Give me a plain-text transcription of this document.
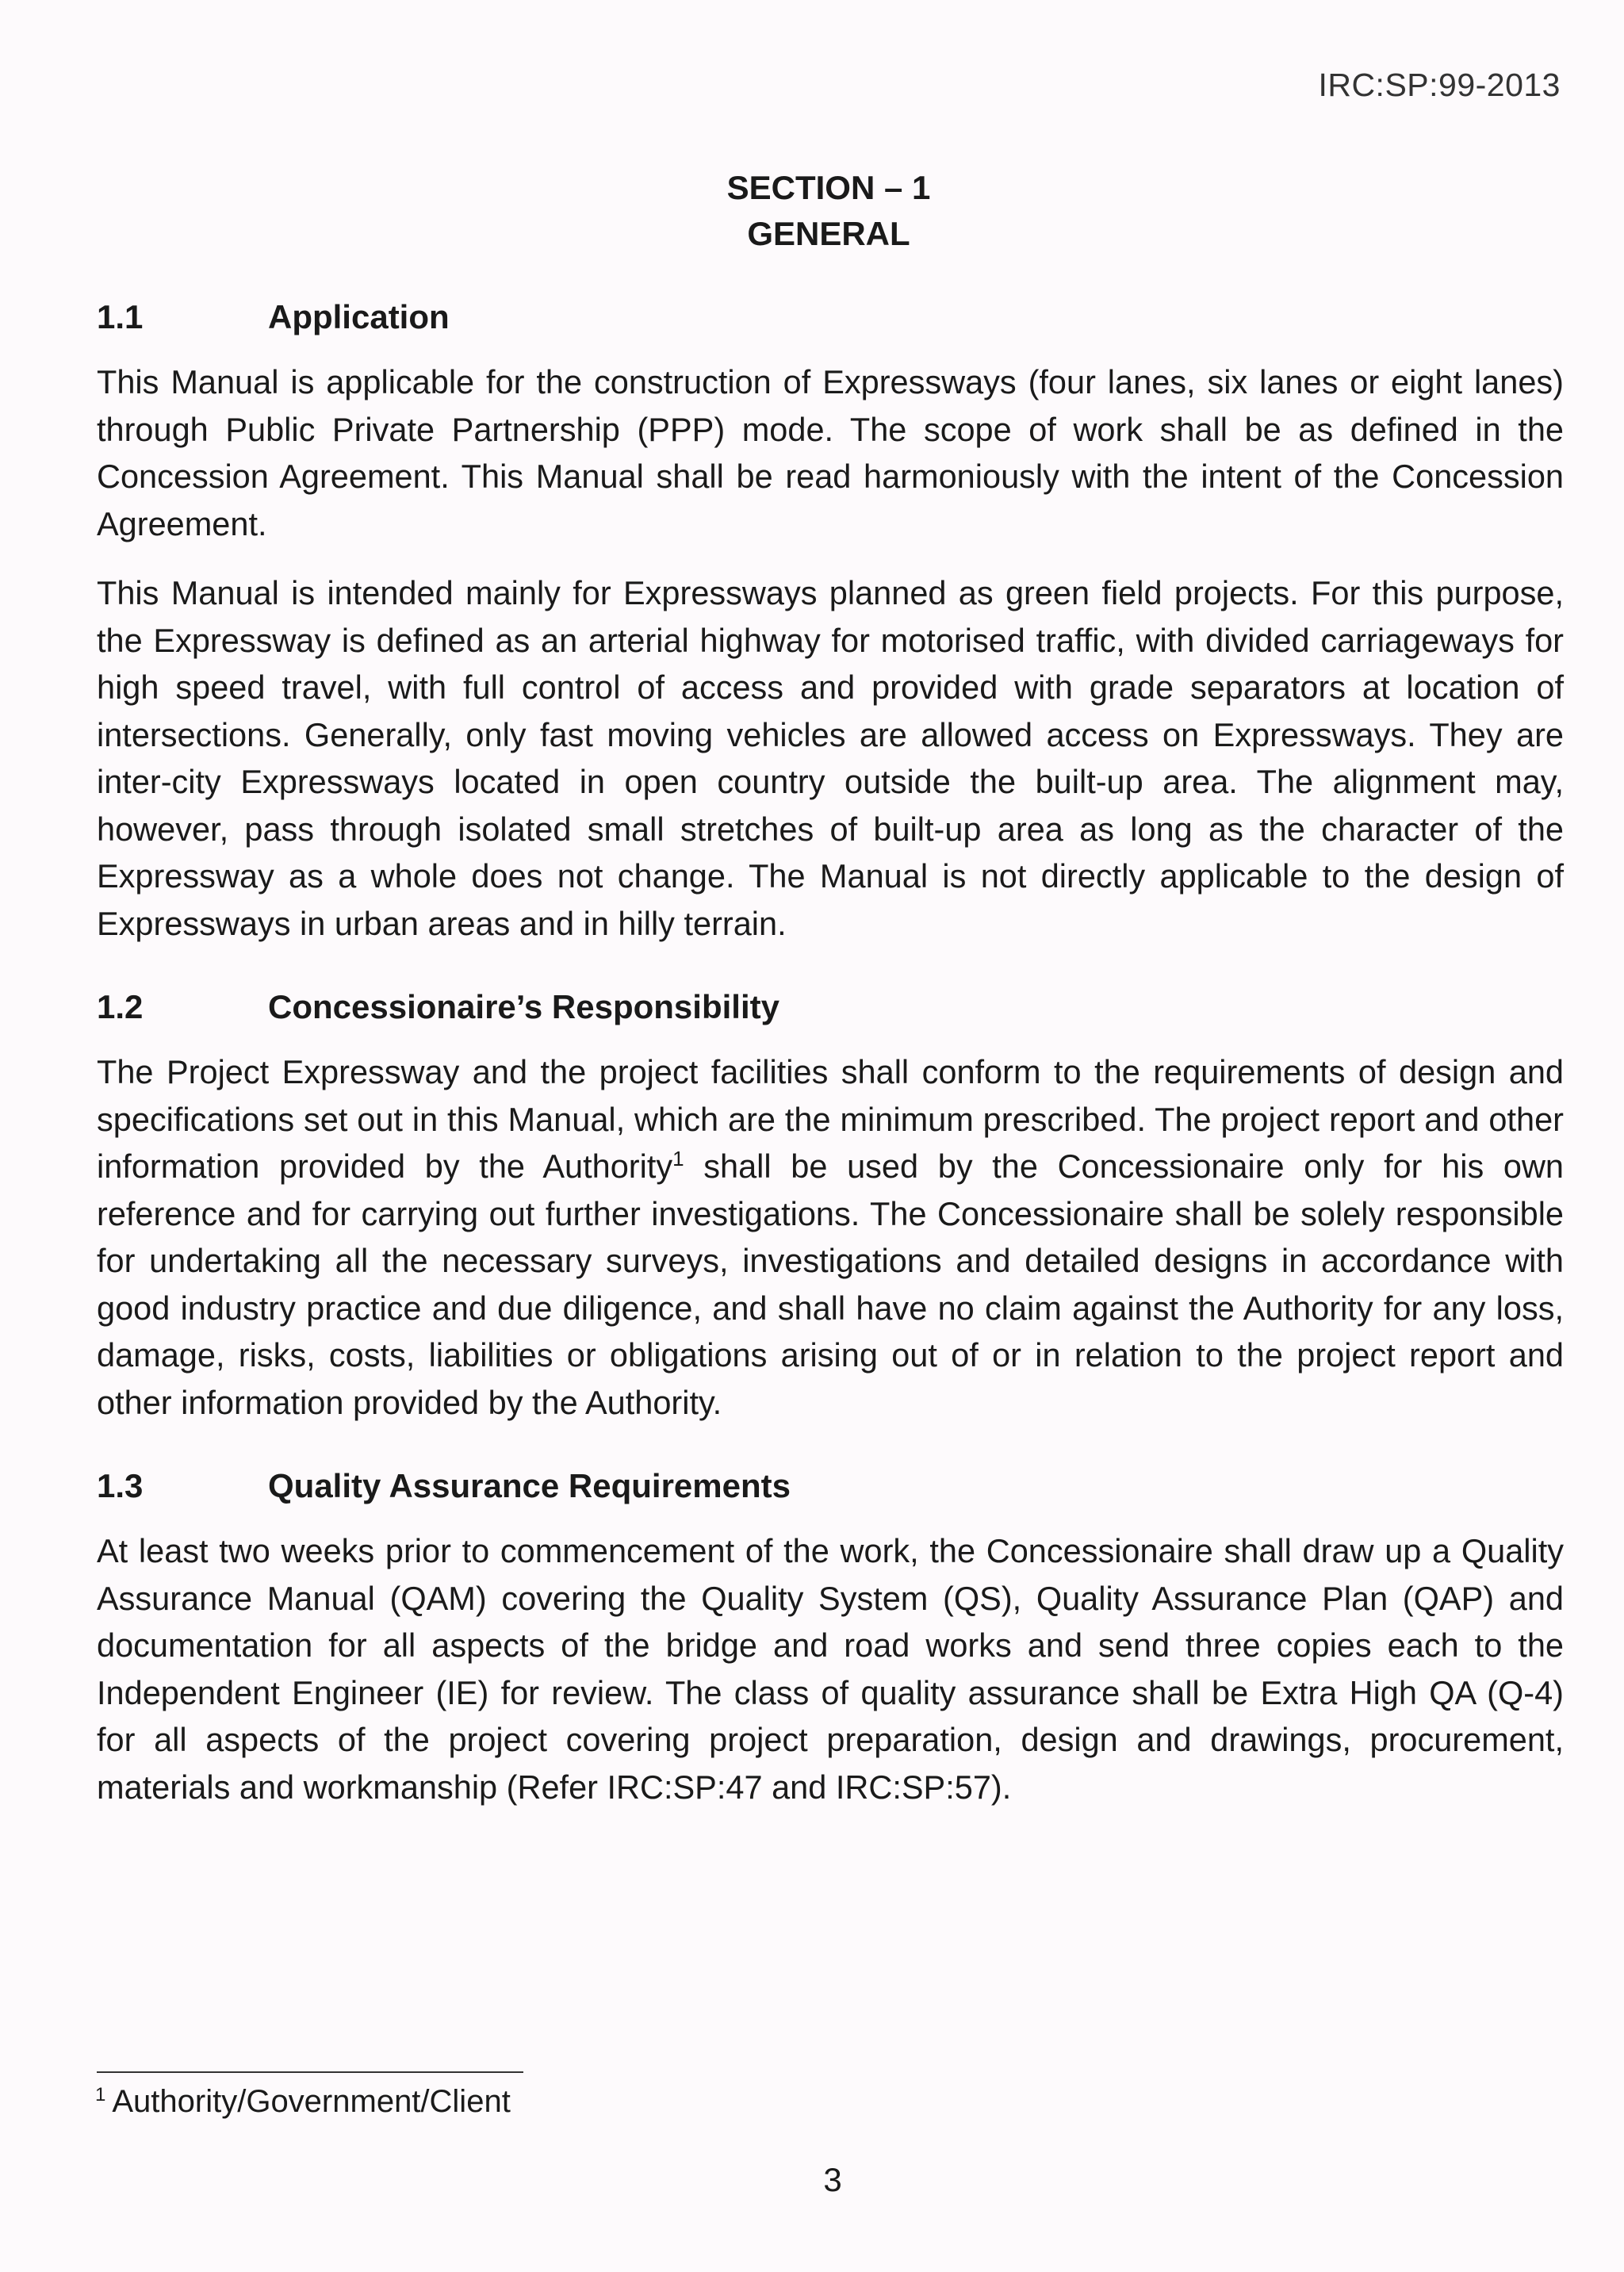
IRC:SP:99-2013
SECTION – 1
GENERAL
1.1	Application

This Manual is applicable for the construction of Expressways (four lanes, six lanes or eight lanes) through Public Private Partnership (PPP) mode. The scope of work shall be as defined in the Concession Agreement. This Manual shall be read harmoniously with the intent of the Concession Agreement.

This Manual is intended mainly for Expressways planned as green field projects. For this purpose, the Expressway is defined as an arterial highway for motorised traffic, with divided carriageways for high speed travel, with full control of access and provided with grade separators at location of intersections. Generally, only fast moving vehicles are allowed access on Expressways. They are inter-city Expressways located in open country outside the built-up area. The alignment may, however, pass through isolated small stretches of built-up area as long as the character of the Expressway as a whole does not change. The Manual is not directly applicable to the design of Expressways in urban areas and in hilly terrain.

1.2	Concessionaire’s Responsibility

The Project Expressway and the project facilities shall conform to the requirements of design and specifications set out in this Manual, which are the minimum prescribed. The project report and other information provided by the Authority$^1$ shall be used by the Concessionaire only for his own reference and for carrying out further investigations. The Concessionaire shall be solely responsible for undertaking all the necessary surveys, investigations and detailed designs in accordance with good industry practice and due diligence, and shall have no claim against the Authority for any loss, damage, risks, costs, liabilities or obligations arising out of or in relation to the project report and other information provided by the Authority.

1.3	Quality Assurance Requirements

At least two weeks prior to commencement of the work, the Concessionaire shall draw up a Quality Assurance Manual (QAM) covering the Quality System (QS), Quality Assurance Plan (QAP) and documentation for all aspects of the bridge and road works and send three copies each to the Independent Engineer (IE) for review. The class of quality assurance shall be Extra High QA (Q-4) for all aspects of the project covering project preparation, design and drawings, procurement, materials and workmanship (Refer IRC:SP:47 and IRC:SP:57).

$^1$ Authority/Government/Client
3
